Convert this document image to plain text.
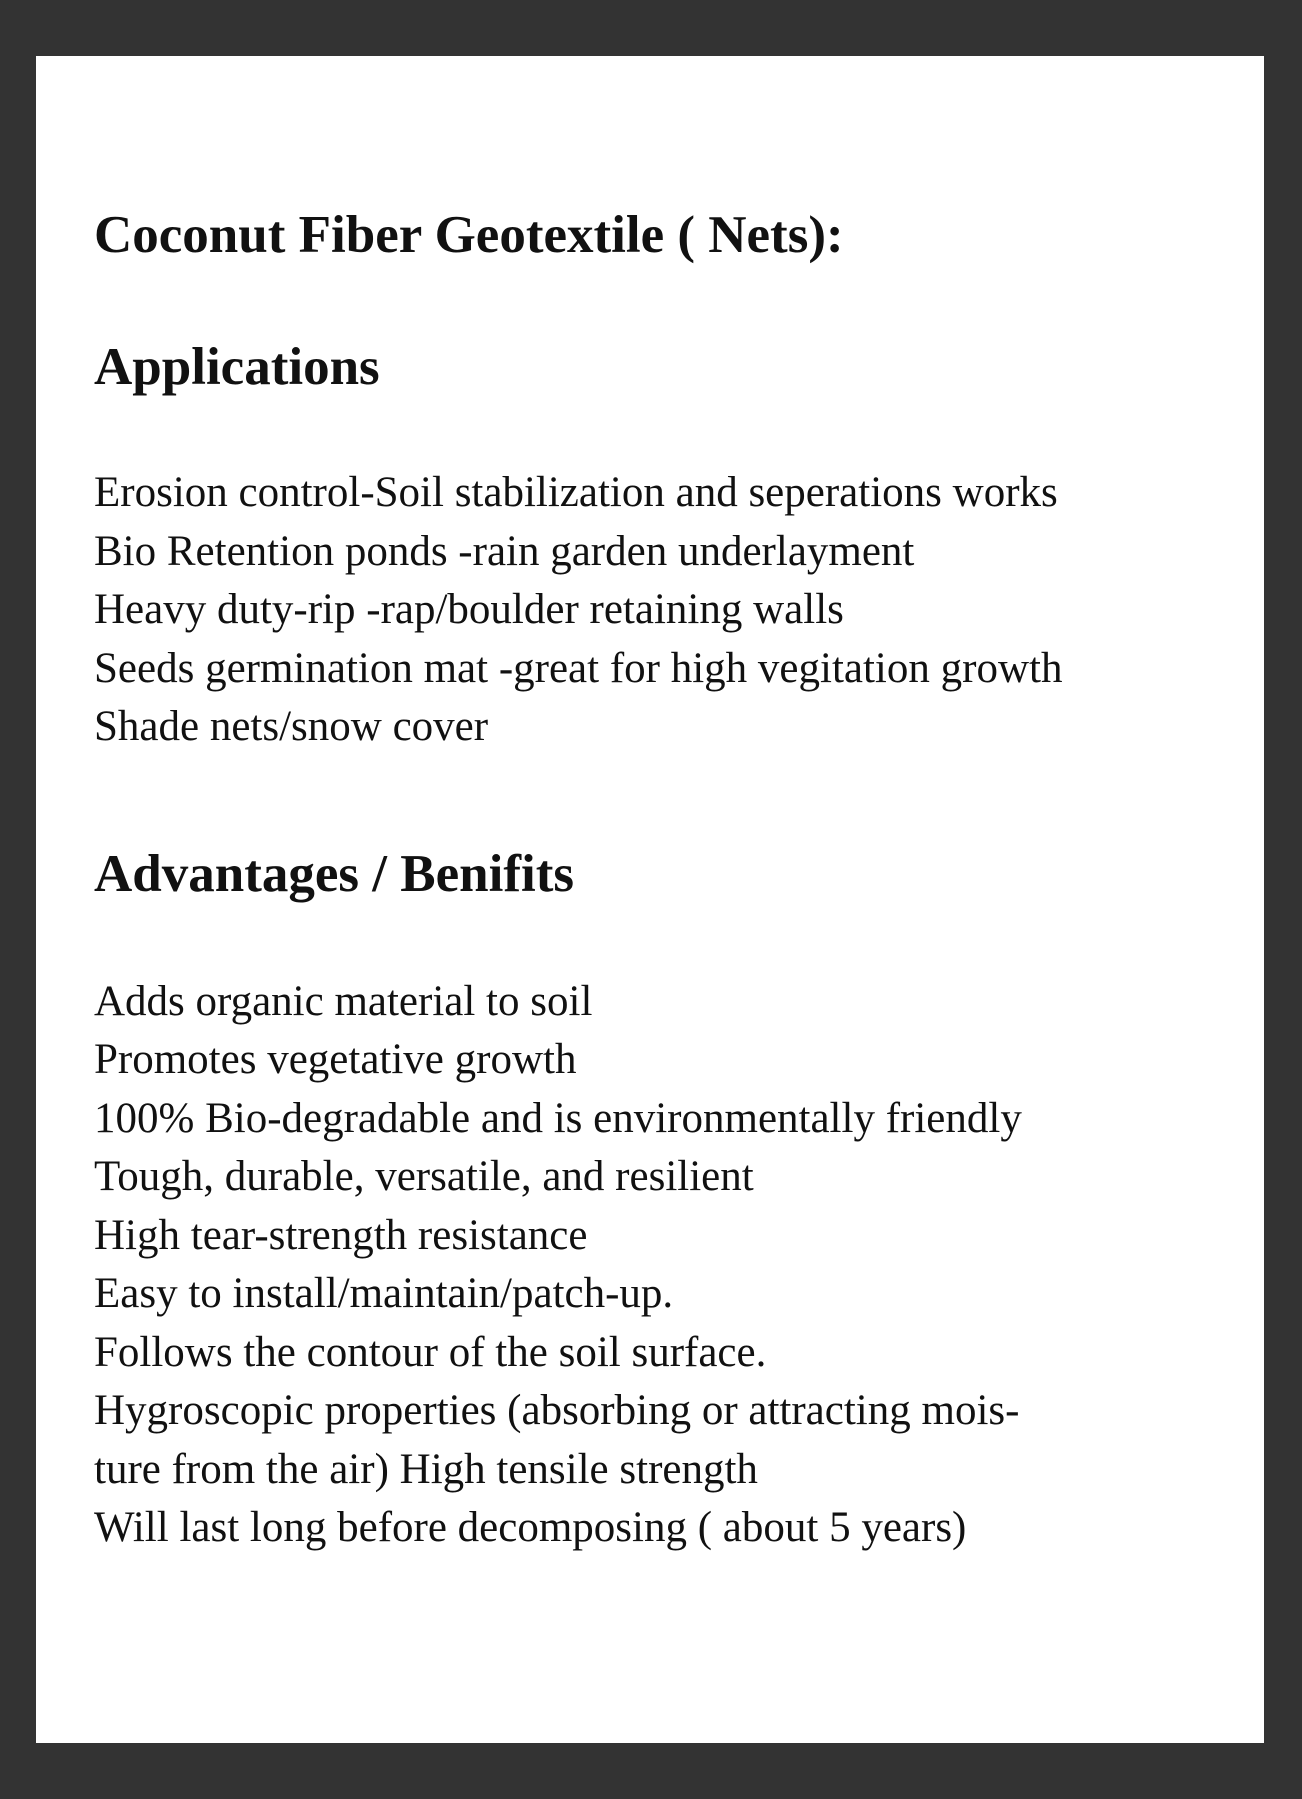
Coconut Fiber Geotextile ( Nets):
Applications
Erosion control-Soil stabilization and seperations works
Bio Retention ponds -rain garden underlayment
Heavy duty-rip -rap/boulder retaining walls
Seeds germination mat -great for high vegitation growth
Shade nets/snow cover
Advantages / Benifits
Adds organic material to soil
Promotes vegetative growth
100% Bio-degradable and is environmentally friendly
Tough, durable, versatile, and resilient
High tear-strength resistance
Easy to install/maintain/patch-up.
Follows the contour of the soil surface.
Hygroscopic properties (absorbing or attracting mois-ture from the air) High tensile strength
Will last long before decomposing ( about 5 years)
